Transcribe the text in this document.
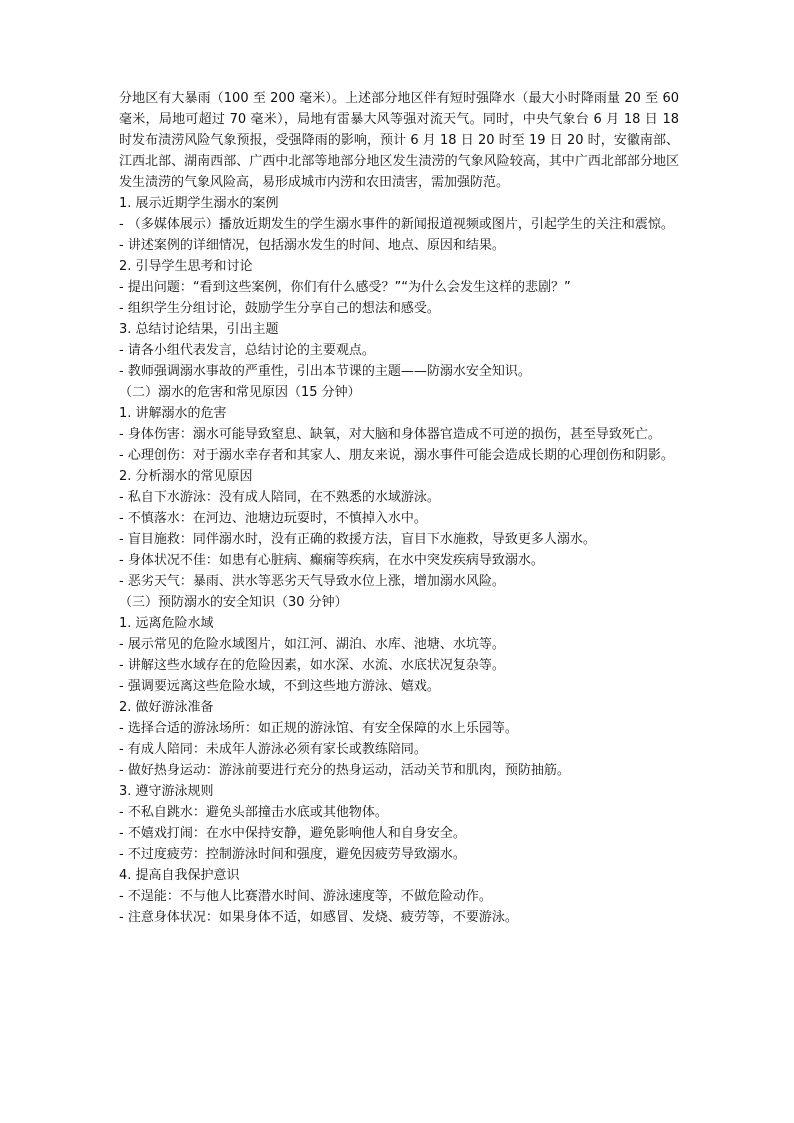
分地区有大暴雨（100 至 200 毫米）。上述部分地区伴有短时强降水（最大小时降雨量 20 至 60 毫米，局地可超过 70 毫米），局地有雷暴大风等强对流天气。同时，中央气象台 6 月 18 日 18 时发布渍涝风险气象预报，受强降雨的影响，预计 6 月 18 日 20 时至 19 日 20 时，安徽南部、江西北部、湖南西部、广西中北部等地部分地区发生渍涝的气象风险较高，其中广西北部部分地区发生渍涝的气象风险高，易形成城市内涝和农田渍害，需加强防范。

1. 展示近期学生溺水的案例

- （多媒体展示）播放近期发生的学生溺水事件的新闻报道视频或图片，引起学生的关注和震惊。

- 讲述案例的详细情况，包括溺水发生的时间、地点、原因和结果。

2. 引导学生思考和讨论

- 提出问题：“看到这些案例，你们有什么感受？”“为什么会发生这样的悲剧？”

- 组织学生分组讨论，鼓励学生分享自己的想法和感受。

3. 总结讨论结果，引出主题

- 请各小组代表发言，总结讨论的主要观点。

- 教师强调溺水事故的严重性，引出本节课的主题——防溺水安全知识。

（二）溺水的危害和常见原因（15 分钟）

1. 讲解溺水的危害

- 身体伤害：溺水可能导致窒息、缺氧，对大脑和身体器官造成不可逆的损伤，甚至导致死亡。

- 心理创伤：对于溺水幸存者和其家人、朋友来说，溺水事件可能会造成长期的心理创伤和阴影。

2. 分析溺水的常见原因

- 私自下水游泳：没有成人陪同，在不熟悉的水域游泳。

- 不慎落水：在河边、池塘边玩耍时，不慎掉入水中。

- 盲目施救：同伴溺水时，没有正确的救援方法，盲目下水施救，导致更多人溺水。

- 身体状况不佳：如患有心脏病、癫痫等疾病，在水中突发疾病导致溺水。

- 恶劣天气：暴雨、洪水等恶劣天气导致水位上涨，增加溺水风险。

（三）预防溺水的安全知识（30 分钟）

1. 远离危险水域

- 展示常见的危险水域图片，如江河、湖泊、水库、池塘、水坑等。

- 讲解这些水域存在的危险因素，如水深、水流、水底状况复杂等。

- 强调要远离这些危险水域，不到这些地方游泳、嬉戏。

2. 做好游泳准备

- 选择合适的游泳场所：如正规的游泳馆、有安全保障的水上乐园等。

- 有成人陪同：未成年人游泳必须有家长或教练陪同。

- 做好热身运动：游泳前要进行充分的热身运动，活动关节和肌肉，预防抽筋。

3. 遵守游泳规则

- 不私自跳水：避免头部撞击水底或其他物体。

- 不嬉戏打闹：在水中保持安静，避免影响他人和自身安全。

- 不过度疲劳：控制游泳时间和强度，避免因疲劳导致溺水。

4. 提高自我保护意识

- 不逞能：不与他人比赛潜水时间、游泳速度等，不做危险动作。

- 注意身体状况：如果身体不适，如感冒、发烧、疲劳等，不要游泳。
